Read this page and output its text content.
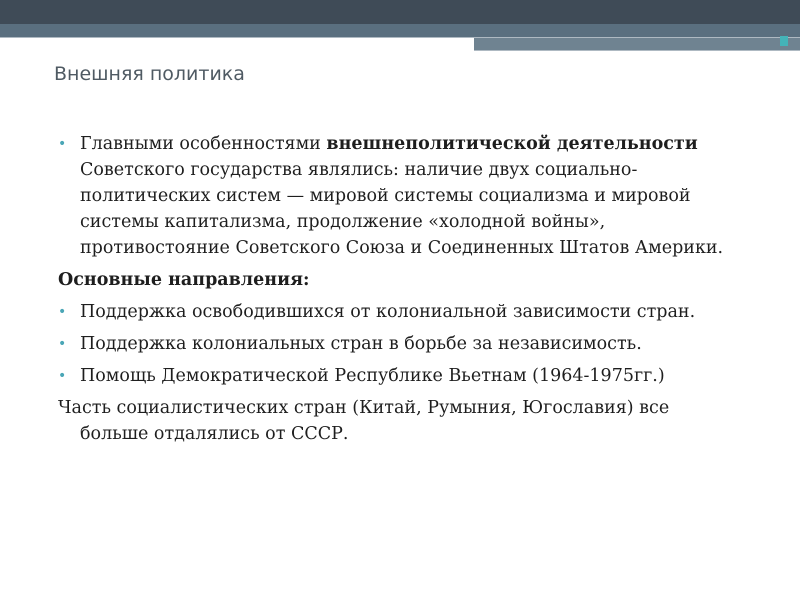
Внешняя политика

• Главными особенностями внешнеполитической деятельности Советского государства являлись: наличие двух социально-политических систем — мировой системы социализма и мировой системы капитализма, продолжение «холодной войны», противостояние Советского Союза и Соединенных Штатов Америки.

Основные направления:

• Поддержка освободившихся от колониальной зависимости стран.

• Поддержка колониальных стран в борьбе за независимость.

• Помощь Демократической Республике Вьетнам (1964-1975гг.)

Часть социалистических стран (Китай, Румыния, Югославия) все
больше отдалялись от СССР.
